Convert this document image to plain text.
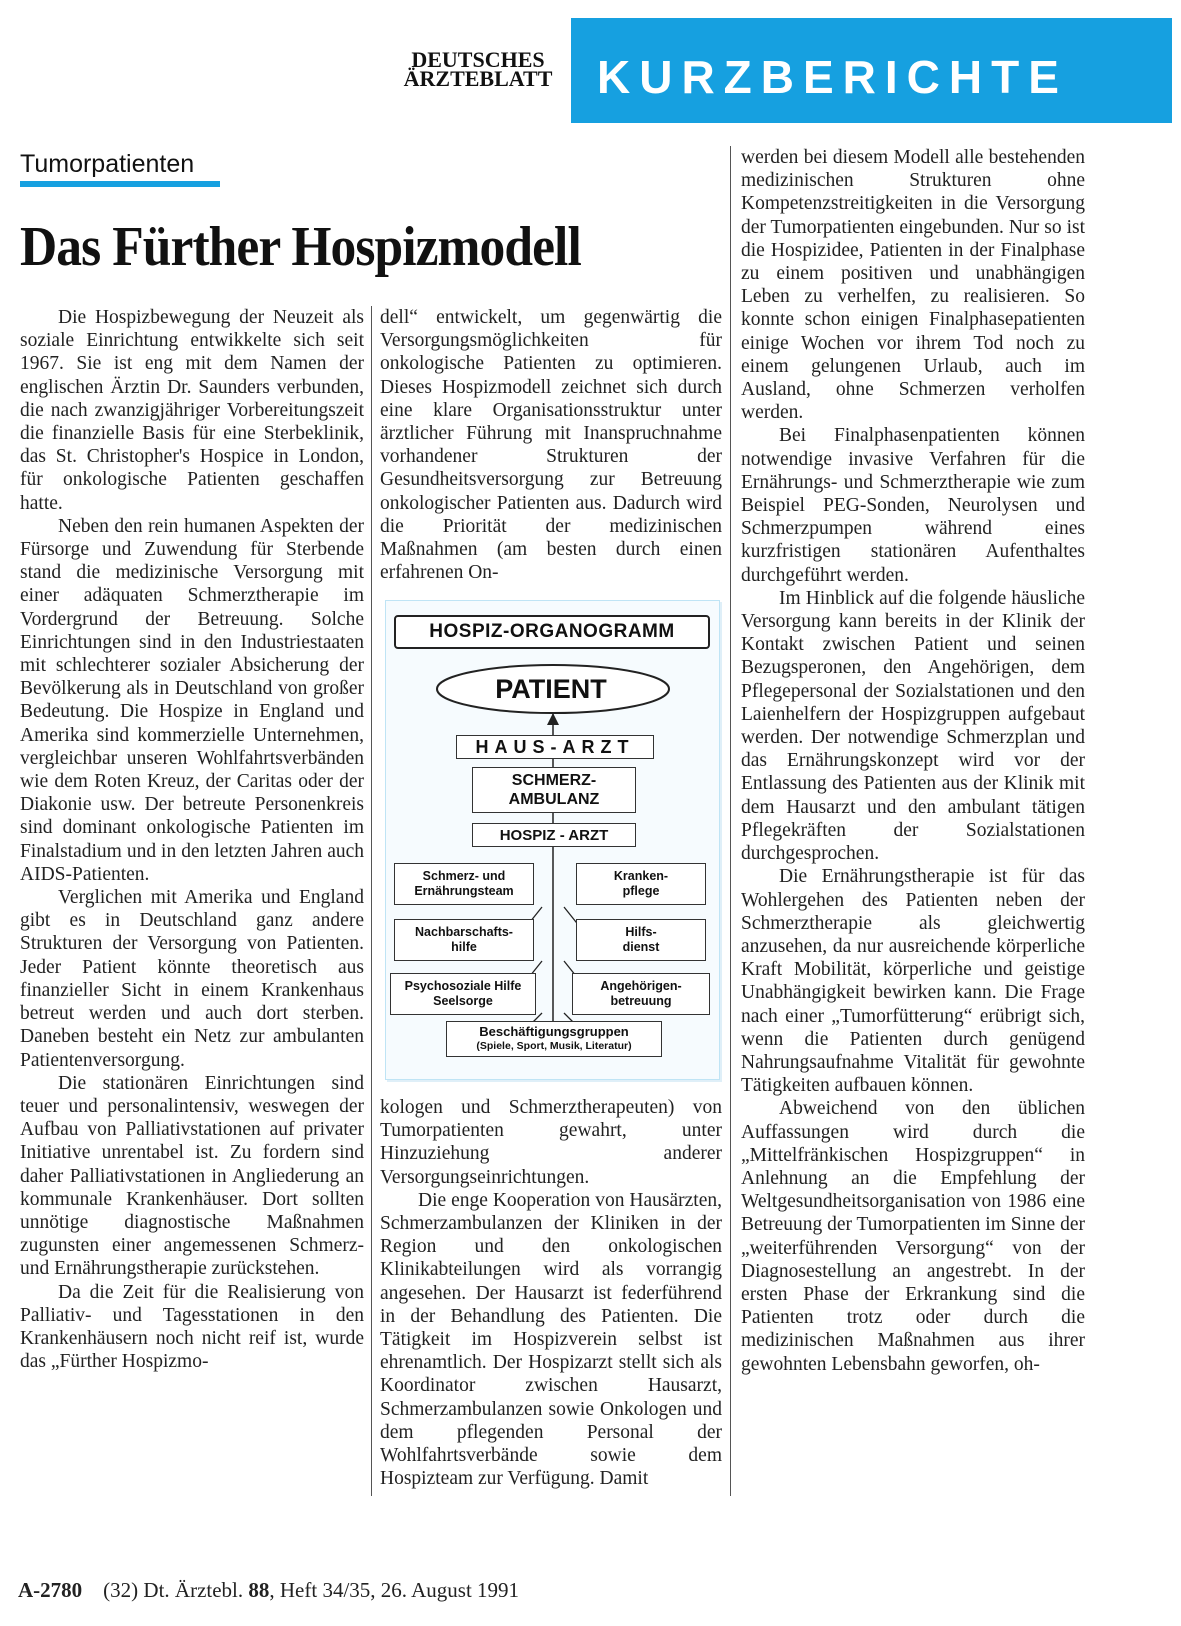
DEUTSCHES
ÄRZTEBLATT KURZBERICHTE
Tumorpatienten
Das Fürther Hospizmodell

Die Hospizbewegung der Neuzeit als soziale Einrichtung entwikkelte sich seit 1967. Sie ist eng mit dem Namen der englischen Ärztin Dr. Saunders verbunden, die nach zwanzigjähriger Vorbereitungszeit die finanzielle Basis für eine Sterbeklinik, das St. Christopher's Hospice in London, für onkologische Patienten geschaffen hatte.

Neben den rein humanen Aspekten der Fürsorge und Zuwendung für Sterbende stand die medizinische Versorgung mit einer adäquaten Schmerztherapie im Vordergrund der Betreuung. Solche Einrichtungen sind in den Industriestaaten mit schlechterer sozialer Absicherung der Bevölkerung als in Deutschland von großer Bedeutung. Die Hospize in England und Amerika sind kommerzielle Unternehmen, vergleichbar unseren Wohlfahrtsverbänden wie dem Roten Kreuz, der Caritas oder der Diakonie usw. Der betreute Personenkreis sind dominant onkologische Patienten im Finalstadium und in den letzten Jahren auch AIDS-Patienten.

Verglichen mit Amerika und England gibt es in Deutschland ganz andere Strukturen der Versorgung von Patienten. Jeder Patient könnte theoretisch aus finanzieller Sicht in einem Krankenhaus betreut werden und auch dort sterben. Daneben besteht ein Netz zur ambulanten Patientenversorgung.

Die stationären Einrichtungen sind teuer und personalintensiv, weswegen der Aufbau von Palliativstationen auf privater Initiative unrentabel ist. Zu fordern sind daher Palliativstationen in Angliederung an kommunale Krankenhäuser. Dort sollten unnötige diagnostische Maßnahmen zugunsten einer angemessenen Schmerz- und Ernährungstherapie zurückstehen.

Da die Zeit für die Realisierung von Palliativ- und Tagesstationen in den Krankenhäusern noch nicht reif ist, wurde das „Fürther Hospizmo-

dell“ entwickelt, um gegenwärtig die Versorgungsmöglichkeiten für onkologische Patienten zu optimieren. Dieses Hospizmodell zeichnet sich durch eine klare Organisationsstruktur unter ärztlicher Führung mit Inanspruchnahme vorhandener Strukturen der Gesundheitsversorgung zur Betreuung onkologischer Patienten aus. Dadurch wird die Priorität der medizinischen Maßnahmen (am besten durch einen erfahrenen On-

HOSPIZ-ORGANOGRAMM
PATIENT
HAUS-ARZT
SCHMERZ-
AMBULANZ
HOSPIZ - ARZT
Schmerz- und
Ernährungsteam
Nachbarschafts-
hilfe
Psychosoziale Hilfe
Seelsorge
Kranken-
pflege
Hilfs-
dienst
Angehörigen-
betreuung
Beschäftigungsgruppen
(Spiele, Sport, Musik, Literatur)

kologen und Schmerztherapeuten) von Tumorpatienten gewahrt, unter Hinzuziehung anderer Versorgungseinrichtungen.

Die enge Kooperation von Hausärzten, Schmerzambulanzen der Kliniken in der Region und den onkologischen Klinikabteilungen wird als vorrangig angesehen. Der Hausarzt ist federführend in der Behandlung des Patienten. Die Tätigkeit im Hospizverein selbst ist ehrenamtlich. Der Hospizarzt stellt sich als Koordinator zwischen Hausarzt, Schmerzambulanzen sowie Onkologen und dem pflegenden Personal der Wohlfahrtsverbände sowie dem Hospizteam zur Verfügung. Damit

werden bei diesem Modell alle bestehenden medizinischen Strukturen ohne Kompetenzstreitigkeiten in die Versorgung der Tumorpatienten eingebunden. Nur so ist die Hospizidee, Patienten in der Finalphase zu einem positiven und unabhängigen Leben zu verhelfen, zu realisieren. So konnte schon einigen Finalphasepatienten einige Wochen vor ihrem Tod noch zu einem gelungenen Urlaub, auch im Ausland, ohne Schmerzen verholfen werden.

Bei Finalphasenpatienten können notwendige invasive Verfahren für die Ernährungs- und Schmerztherapie wie zum Beispiel PEG-Sonden, Neurolysen und Schmerzpumpen während eines kurzfristigen stationären Aufenthaltes durchgeführt werden.

Im Hinblick auf die folgende häusliche Versorgung kann bereits in der Klinik der Kontakt zwischen Patient und seinen Bezugsperonen, den Angehörigen, dem Pflegepersonal der Sozialstationen und den Laienhelfern der Hospizgruppen aufgebaut werden. Der notwendige Schmerzplan und das Ernährungskonzept wird vor der Entlassung des Patienten aus der Klinik mit dem Hausarzt und den ambulant tätigen Pflegekräften der Sozialstationen durchgesprochen.

Die Ernährungstherapie ist für das Wohlergehen des Patienten neben der Schmerztherapie als gleichwertig anzusehen, da nur ausreichende körperliche Kraft Mobilität, körperliche und geistige Unabhängigkeit bewirken kann. Die Frage nach einer „Tumorfütterung“ erübrigt sich, wenn die Patienten durch genügend Nahrungsaufnahme Vitalität für gewohnte Tätigkeiten aufbauen können.

Abweichend von den üblichen Auffassungen wird durch die „Mittelfränkischen Hospizgruppen“ in Anlehnung an die Empfehlung der Weltgesundheitsorganisation von 1986 eine Betreuung der Tumorpatienten im Sinne der „weiterführenden Versorgung“ von der Diagnosestellung an angestrebt. In der ersten Phase der Erkrankung sind die Patienten trotz oder durch die medizinischen Maßnahmen aus ihrer gewohnten Lebensbahn geworfen, oh-

A-2780 (32) Dt. Ärztebl. 88, Heft 34/35, 26. August 1991
